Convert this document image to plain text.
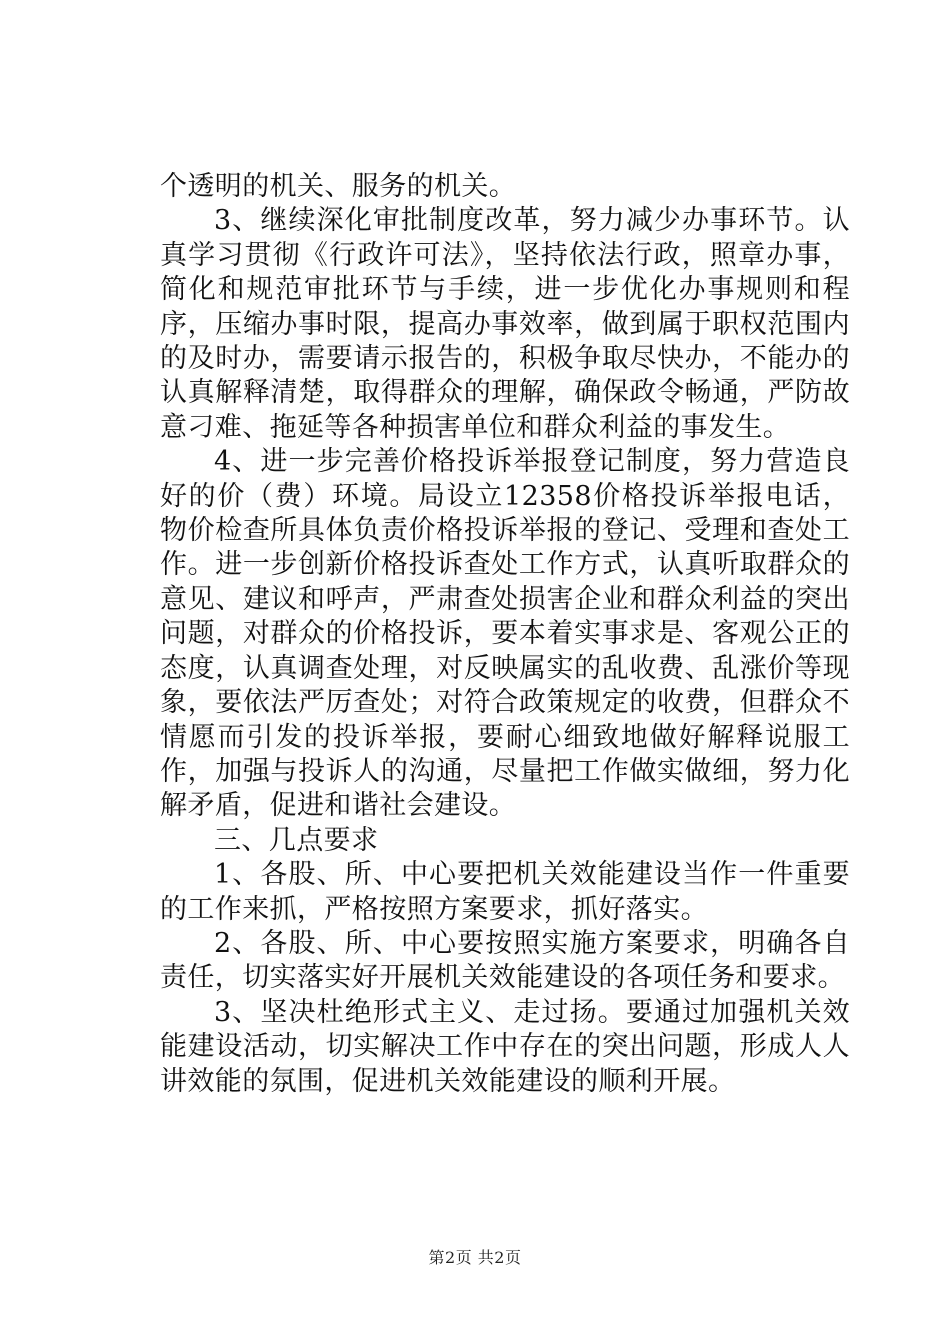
个透明的机关、服务的机关。

3、继续深化审批制度改革，努力减少办事环节。认真学习贯彻《行政许可法》，坚持依法行政，照章办事，简化和规范审批环节与手续，进一步优化办事规则和程序，压缩办事时限，提高办事效率，做到属于职权范围内的及时办，需要请示报告的，积极争取尽快办，不能办的认真解释清楚，取得群众的理解，确保政令畅通，严防故意刁难、拖延等各种损害单位和群众利益的事发生。

4、进一步完善价格投诉举报登记制度，努力营造良好的价（费）环境。局设立12358价格投诉举报电话，物价检查所具体负责价格投诉举报的登记、受理和查处工作。进一步创新价格投诉查处工作方式，认真听取群众的意见、建议和呼声，严肃查处损害企业和群众利益的突出问题，对群众的价格投诉，要本着实事求是、客观公正的态度，认真调查处理，对反映属实的乱收费、乱涨价等现象，要依法严厉查处；对符合政策规定的收费，但群众不情愿而引发的投诉举报，要耐心细致地做好解释说服工作，加强与投诉人的沟通，尽量把工作做实做细，努力化解矛盾，促进和谐社会建设。

三、几点要求

1、各股、所、中心要把机关效能建设当作一件重要的工作来抓，严格按照方案要求，抓好落实。

2、各股、所、中心要按照实施方案要求，明确各自责任，切实落实好开展机关效能建设的各项任务和要求。

3、坚决杜绝形式主义、走过扬。要通过加强机关效能建设活动，切实解决工作中存在的突出问题，形成人人讲效能的氛围，促进机关效能建设的顺利开展。

第2页 共2页
